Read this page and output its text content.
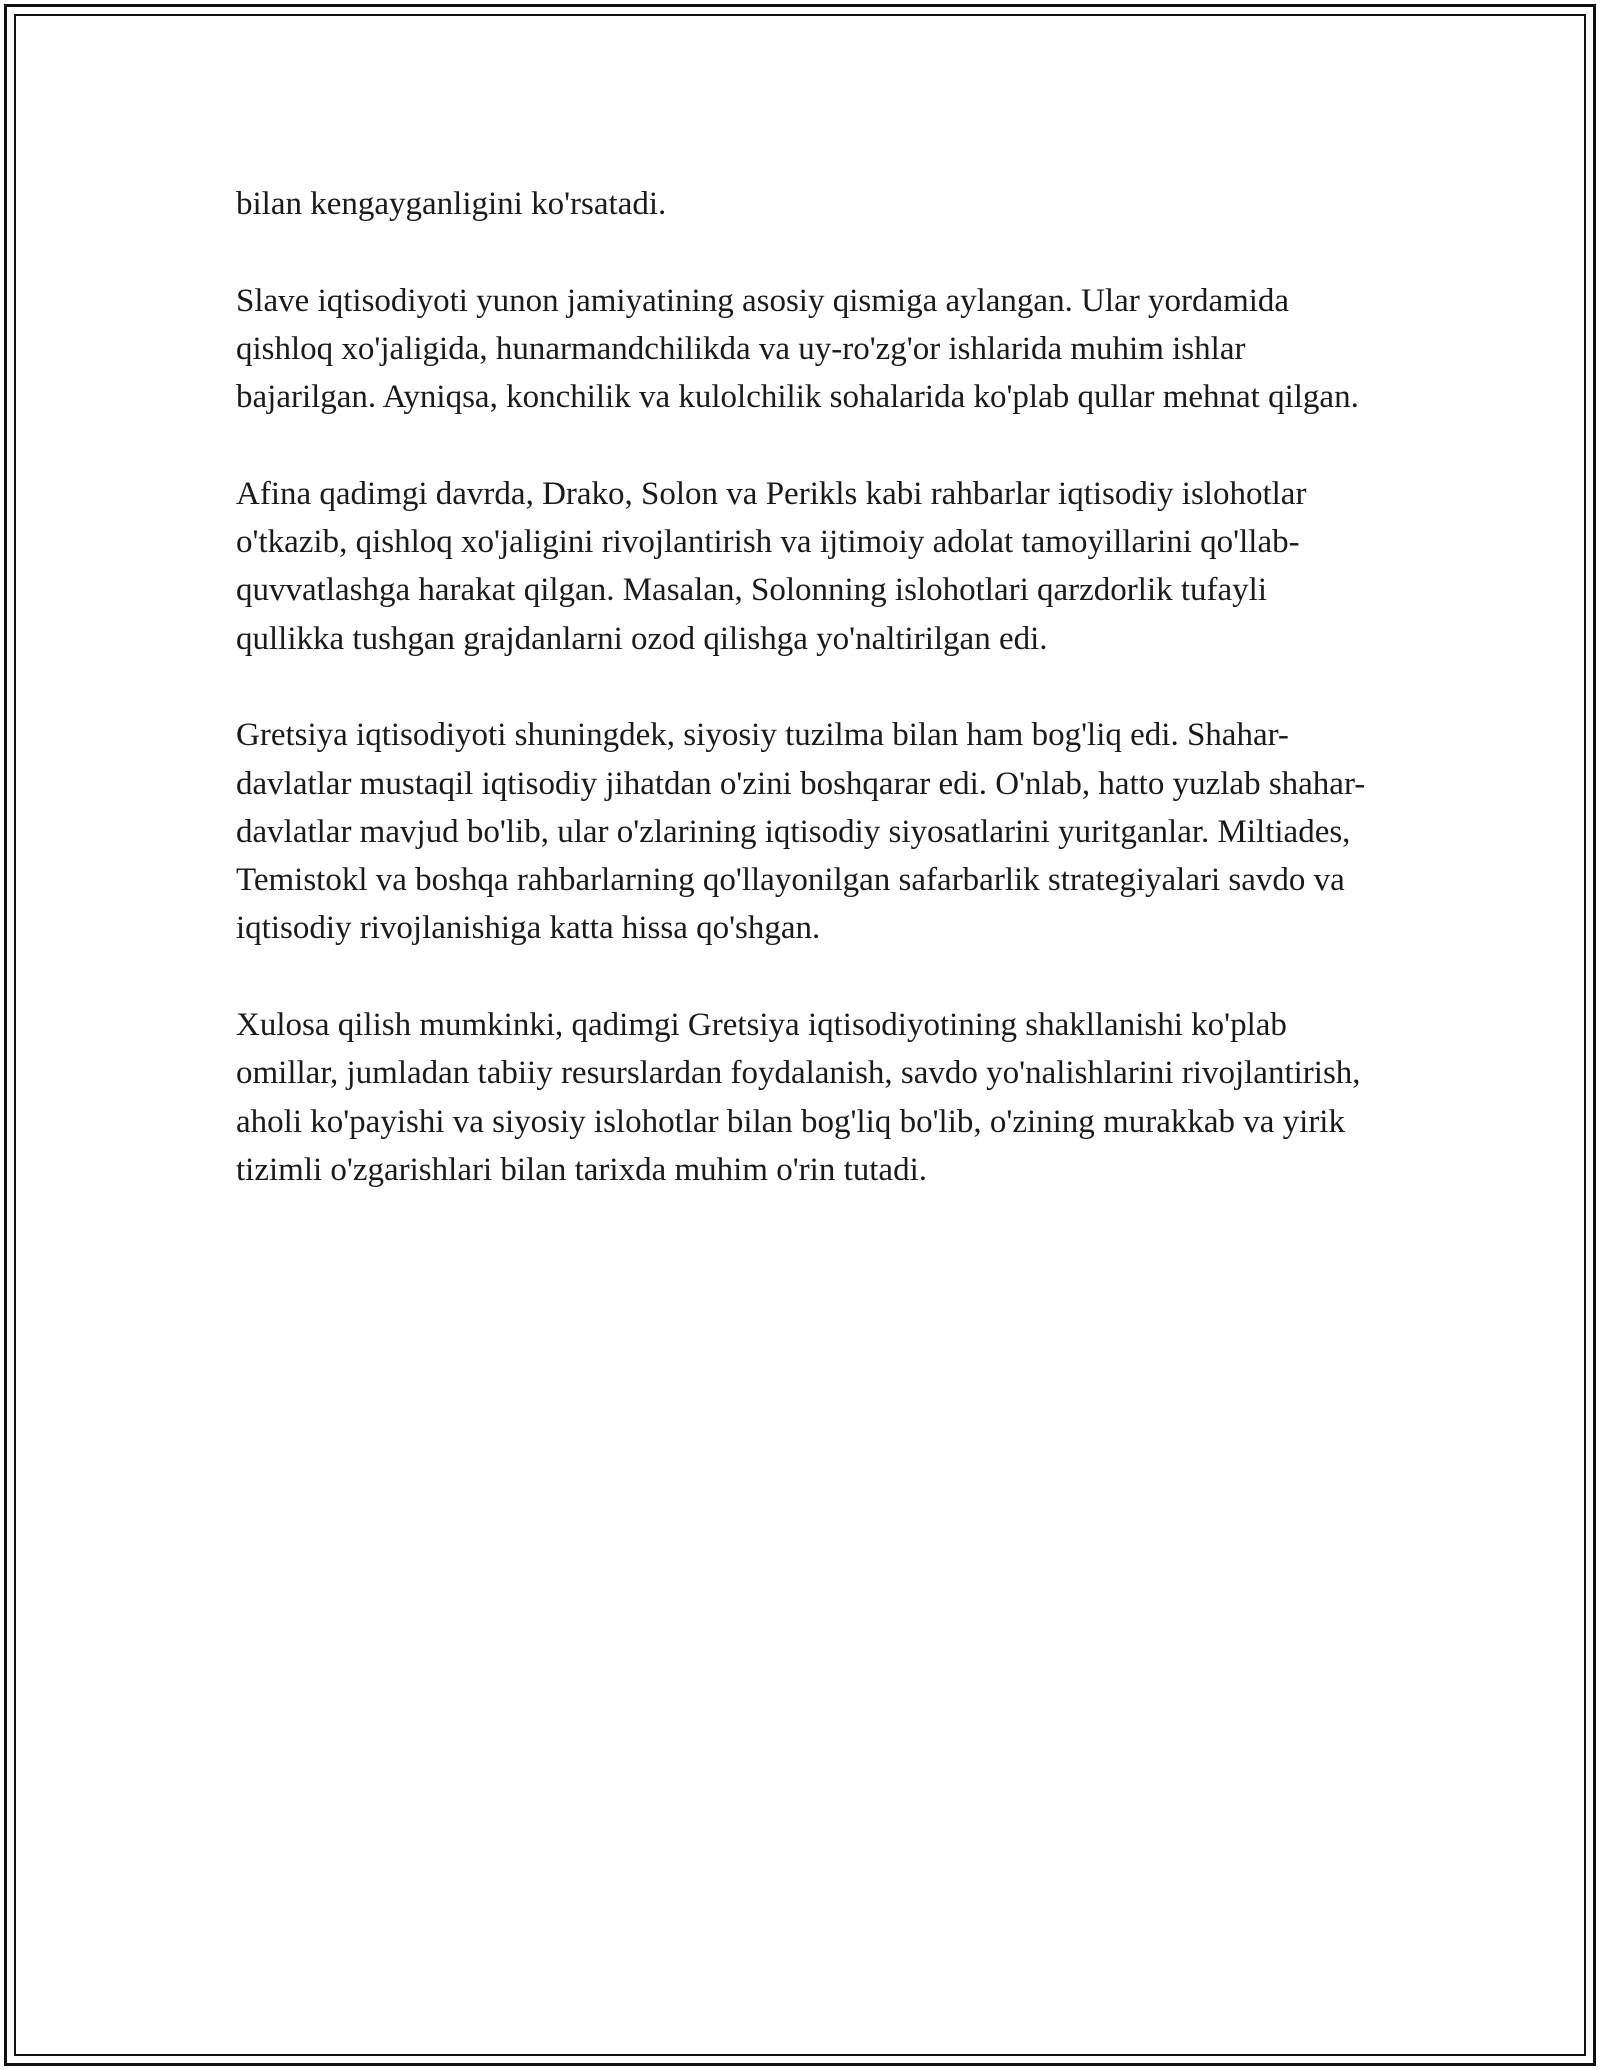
bilan kengayganligini ko'rsatadi.

Slave iqtisodiyoti yunon jamiyatining asosiy qismiga aylangan. Ular yordamida qishloq xo'jaligida, hunarmandchilikda va uy-ro'zg'or ishlarida muhim ishlar bajarilgan. Ayniqsa, konchilik va kulolchilik sohalarida ko'plab qullar mehnat qilgan.

Afina qadimgi davrda, Drako, Solon va Perikls kabi rahbarlar iqtisodiy islohotlar o'tkazib, qishloq xo'jaligini rivojlantirish va ijtimoiy adolat tamoyillarini qo'llab-quvvatlashga harakat qilgan. Masalan, Solonning islohotlari qarzdorlik tufayli qullikka tushgan grajdanlarni ozod qilishga yo'naltirilgan edi.

Gretsiya iqtisodiyoti shuningdek, siyosiy tuzilma bilan ham bog'liq edi. Shahar-davlatlar mustaqil iqtisodiy jihatdan o'zini boshqarar edi. O'nlab, hatto yuzlab shahar-davlatlar mavjud bo'lib, ular o'zlarining iqtisodiy siyosatlarini yuritganlar. Miltiades, Temistokl va boshqa rahbarlarning qo'llayonilgan safarbarlik strategiyalari savdo va iqtisodiy rivojlanishiga katta hissa qo'shgan.

Xulosa qilish mumkinki, qadimgi Gretsiya iqtisodiyotining shakllanishi ko'plab omillar, jumladan tabiiy resurslardan foydalanish, savdo yo'nalishlarini rivojlantirish, aholi ko'payishi va siyosiy islohotlar bilan bog'liq bo'lib, o'zining murakkab va yirik tizimli o'zgarishlari bilan tarixda muhim o'rin tutadi.
